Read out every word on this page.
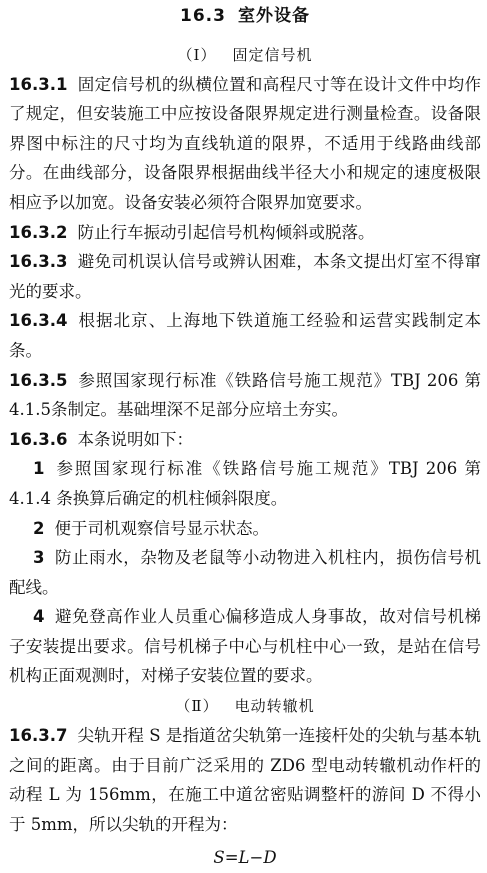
16.3 室外设备
（Ⅰ） 固定信号机

16.3.1 固定信号机的纵横位置和高程尺寸等在设计文件中均作了规定，但安装施工中应按设备限界规定进行测量检查。设备限界图中标注的尺寸均为直线轨道的限界，不适用于线路曲线部分。在曲线部分，设备限界根据曲线半径大小和规定的速度极限相应予以加宽。设备安装必须符合限界加宽要求。

16.3.2 防止行车振动引起信号机构倾斜或脱落。

16.3.3 避免司机误认信号或辨认困难，本条文提出灯室不得窜光的要求。

16.3.4 根据北京、上海地下铁道施工经验和运营实践制定本条。

16.3.5 参照国家现行标准《铁路信号施工规范》TBJ 206 第4.1.5条制定。基础埋深不足部分应培土夯实。

16.3.6 本条说明如下：

1 参照国家现行标准《铁路信号施工规范》TBJ 206 第 4.1.4 条换算后确定的机柱倾斜限度。

2 便于司机观察信号显示状态。

3 防止雨水，杂物及老鼠等小动物进入机柱内，损伤信号机配线。

4 避免登高作业人员重心偏移造成人身事故，故对信号机梯子安装提出要求。信号机梯子中心与机柱中心一致，是站在信号机构正面观测时，对梯子安装位置的要求。

（Ⅱ） 电动转辙机

16.3.7 尖轨开程 S 是指道岔尖轨第一连接杆处的尖轨与基本轨之间的距离。由于目前广泛采用的 ZD6 型电动转辙机动作杆的动程 L 为 156mm，在施工中道岔密贴调整杆的游间 D 不得小于 5mm，所以尖轨的开程为：

S=L−D
